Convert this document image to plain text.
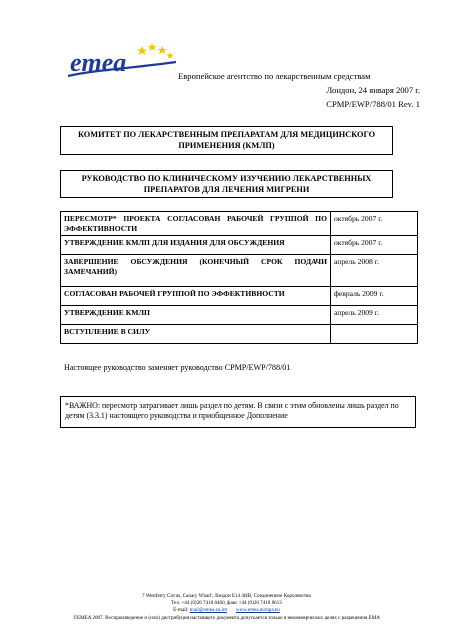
emea	Европейское агентство по лекарственным средствам
Лондон, 24 января 2007 г.
CPMP/EWP/788/01 Rev. 1
КОМИТЕТ ПО ЛЕКАРСТВЕННЫМ ПРЕПАРАТАМ ДЛЯ МЕДИЦИНСКОГО ПРИМЕНЕНИЯ (КМЛП)
РУКОВОДСТВО ПО КЛИНИЧЕСКОМУ ИЗУЧЕНИЮ ЛЕКАРСТВЕННЫХ ПРЕПАРАТОВ ДЛЯ ЛЕЧЕНИЯ МИГРЕНИ
ПЕРЕСМОТР* ПРОЕКТА СОГЛАСОВАН РАБОЧЕЙ ГРУППОЙ ПО ЭФФЕКТИВНОСТИ	октябрь 2007 г.
УТВЕРЖДЕНИЕ КМЛП ДЛЯ ИЗДАНИЯ ДЛЯ ОБСУЖДЕНИЯ	октябрь 2007 г.
ЗАВЕРШЕНИЕ ОБСУЖДЕНИЯ (КОНЕЧНЫЙ СРОК ПОДАЧИ ЗАМЕЧАНИЙ)	апрель 2008 г.
СОГЛАСОВАН РАБОЧЕЙ ГРУППОЙ ПО ЭФФЕКТИВНОСТИ	февраль 2009 г.
УТВЕРЖДЕНИЕ КМЛП	апрель 2009 г.
ВСТУПЛЕНИЕ В СИЛУ	
Настоящее руководство заменяет руководство CPMP/EWP/788/01
*ВАЖНО: пересмотр затрагивает лишь раздел по детям. В связи с этим обновлены лишь раздел по детям (3.3.1) настоящего руководства и приобщенное Дополнение
7 Westferry Circus, Canary Wharf, Лондон E14 4HB, Соединенное Королевство
Тел. +44 (0)20 7418 8400, факс +44 (0)20 7418 8613
E-mail: mail@emea.eu.int www.emea.europa.eu
©EMEA 2007. Воспроизведение и (или) дистрибуция настоящего документа допускается только в некоммерческих целях с разрешения EMA
